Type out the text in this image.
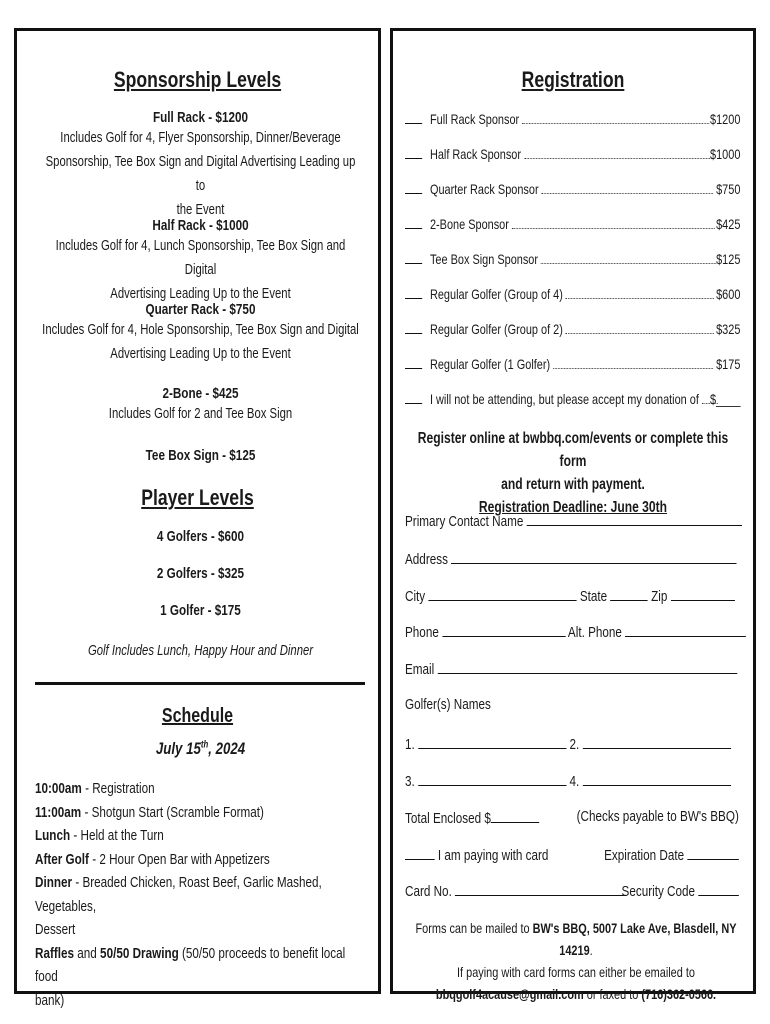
Sponsorship Levels
Full Rack - $1200
Includes Golf for 4, Flyer Sponsorship, Dinner/Beverage
Sponsorship, Tee Box Sign and Digital Advertising Leading up to
the Event
Half Rack - $1000
Includes Golf for 4, Lunch Sponsorship, Tee Box Sign and Digital
Advertising Leading Up to the Event
Quarter Rack - $750
Includes Golf for 4, Hole Sponsorship, Tee Box Sign and Digital
Advertising Leading Up to the Event
2-Bone - $425
Includes Golf for 2 and Tee Box Sign
Tee Box Sign - $125
Player Levels
4 Golfers - $600
2 Golfers - $325
1 Golfer - $175
Golf Includes Lunch, Happy Hour and Dinner
Schedule
July 15th, 2024
10:00am - Registration
11:00am - Shotgun Start (Scramble Format)
Lunch - Held at the Turn
After Golf - 2 Hour Open Bar with Appetizers
Dinner - Breaded Chicken, Roast Beef, Garlic Mashed, Vegetables,
Dessert
Raffles and 50/50 Drawing (50/50 proceeds to benefit local food
bank)
Registration
Full Rack Sponsor	$1200
Half Rack Sponsor	$1000
Quarter Rack Sponsor	$750
2-Bone Sponsor	$425
Tee Box Sign Sponsor	$125
Regular Golfer (Group of 4)	$600
Regular Golfer (Group of 2)	$325
Regular Golfer (1 Golfer)	$175
I will not be attending, but please accept my donation of $____
Register online at bwbbq.com/events or complete this form
and return with payment.
Registration Deadline: June 30th
Primary Contact Name
Address
City	State	Zip
Phone	Alt. Phone
Email
Golfer(s) Names
1.	2.
3.	4.
Total Enclosed $	(Checks payable to BW's BBQ)
I am paying with card	Expiration Date
Card No.	Security Code
Forms can be mailed to BW's BBQ, 5007 Lake Ave, Blasdell, NY 14219.
If paying with card forms can either be emailed to
bbqgolf4acause@gmail.com or faxed to (716)362-0566.
